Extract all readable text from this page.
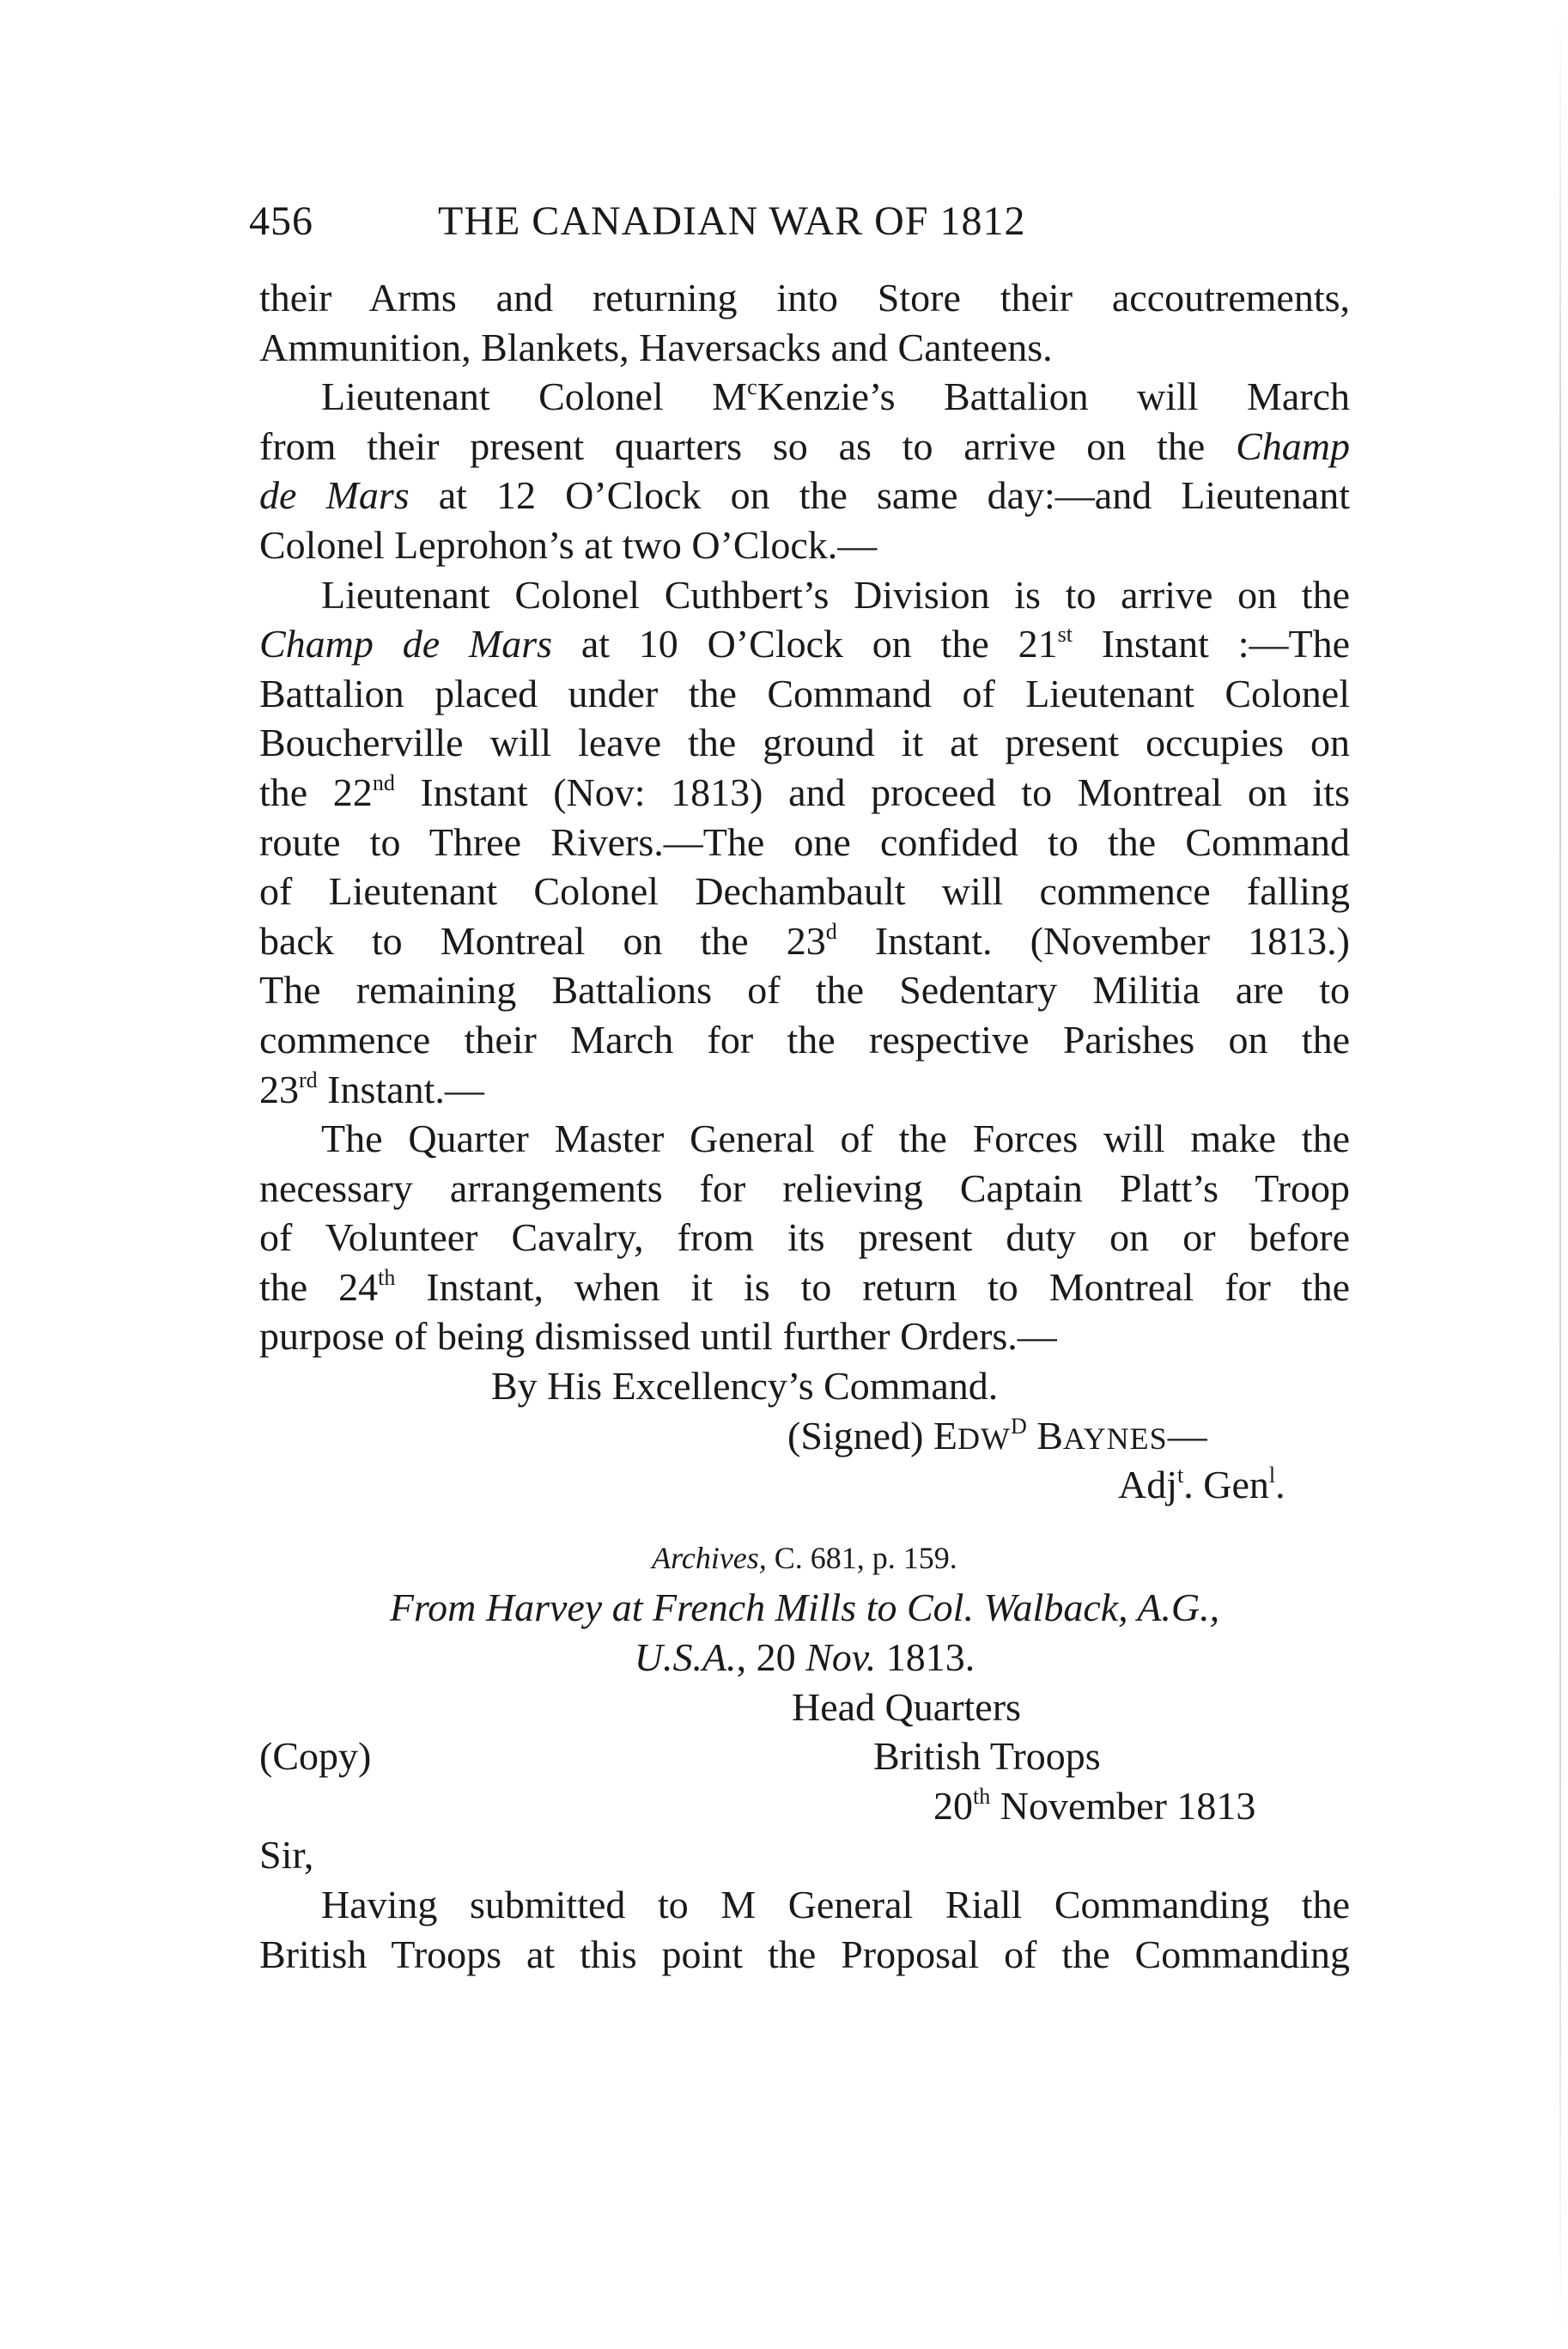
456	THE CANADIAN WAR OF 1812
their Arms and returning into Store their accoutrements,
Ammunition, Blankets, Haversacks and Canteens.
Lieutenant Colonel $M^cKenzie’s$ Battalion will March
from their present quarters so as to arrive on the Champ
de Mars at 12 O’Clock on the same day:—and Lieutenant
Colonel Leprohon’s at two O’Clock.—
Lieutenant Colonel Cuthbert’s Division is to arrive on the
Champ de Mars at 10 O’Clock on the 21st Instant :—The
Battalion placed under the Command of Lieutenant Colonel
Boucherville will leave the ground it at present occupies on
the 22nd Instant (Nov: 1813) and proceed to Montreal on its
route to Three Rivers.—The one confided to the Command
of Lieutenant Colonel Dechambault will commence falling
back to Montreal on the 23$^d$ Instant. (November 1813.)
The remaining Battalions of the Sedentary Militia are to
commence their March for the respective Parishes on the
23rd Instant.—
The Quarter Master General of the Forces will make the
necessary arrangements for relieving Captain Platt’s Troop
of Volunteer Cavalry, from its present duty on or before
the 24th Instant, when it is to return to Montreal for the
purpose of being dismissed until further Orders.—
By His Excellency’s Command.
(Signed) $EDW^D$ BAYNES—
Adj$^t$. Gen$^l$.
Archives, C. 681, p. 159.
From Harvey at French Mills to Col. Walback, A.G.,
U.S.A., 20 Nov. 1813.
Head Quarters
(Copy)	British Troops
20th November 1813
Sir,
Having submitted to M General Riall Commanding the
British Troops at this point the Proposal of the Commanding
